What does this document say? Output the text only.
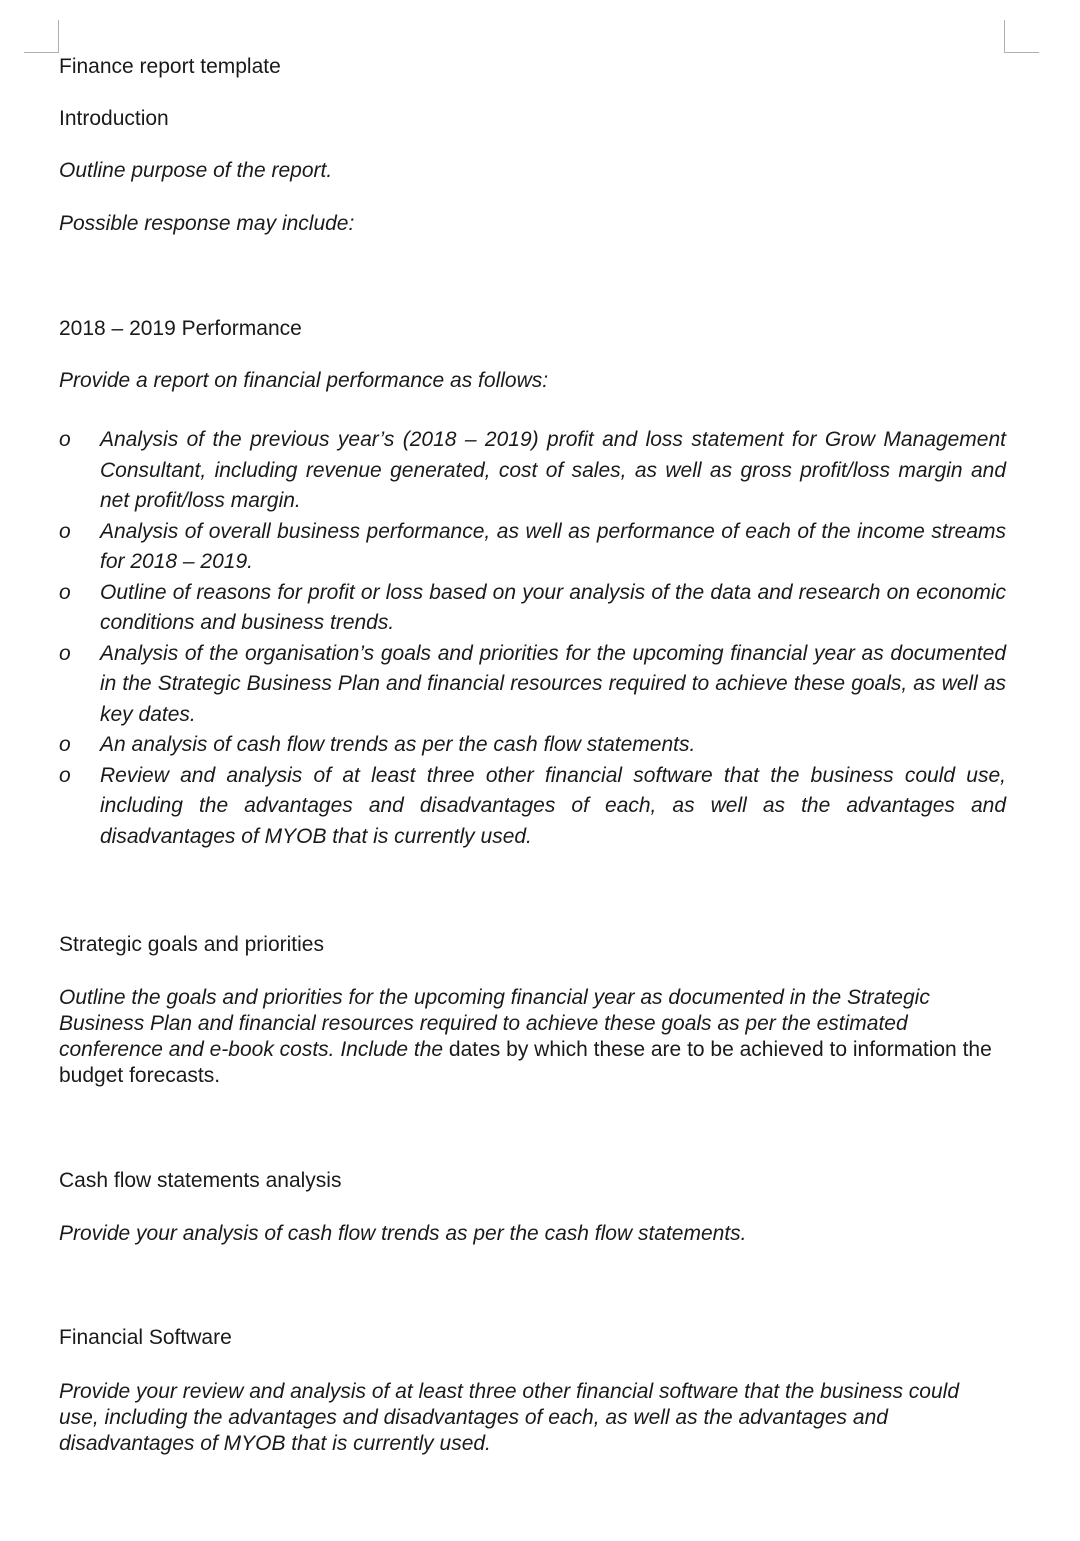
Finance report template
Introduction

Outline purpose of the report.

Possible response may include:

2018 – 2019 Performance

Provide a report on financial performance as follows:

o Analysis of the previous year’s (2018 – 2019) profit and loss statement for Grow Management Consultant, including revenue generated, cost of sales, as well as gross profit/loss margin and net profit/loss margin.
o Analysis of overall business performance, as well as performance of each of the income streams for 2018 – 2019.
o Outline of reasons for profit or loss based on your analysis of the data and research on economic conditions and business trends.
o Analysis of the organisation’s goals and priorities for the upcoming financial year as documented in the Strategic Business Plan and financial resources required to achieve these goals, as well as key dates.
o An analysis of cash flow trends as per the cash flow statements.
o Review and analysis of at least three other financial software that the business could use, including the advantages and disadvantages of each, as well as the advantages and disadvantages of MYOB that is currently used.
Strategic goals and priorities

Outline the goals and priorities for the upcoming financial year as documented in the Strategic Business Plan and financial resources required to achieve these goals as per the estimated conference and e-book costs. Include the dates by which these are to be achieved to information the budget forecasts.

Cash flow statements analysis

Provide your analysis of cash flow trends as per the cash flow statements.

Financial Software

Provide your review and analysis of at least three other financial software that the business could use, including the advantages and disadvantages of each, as well as the advantages and disadvantages of MYOB that is currently used.
